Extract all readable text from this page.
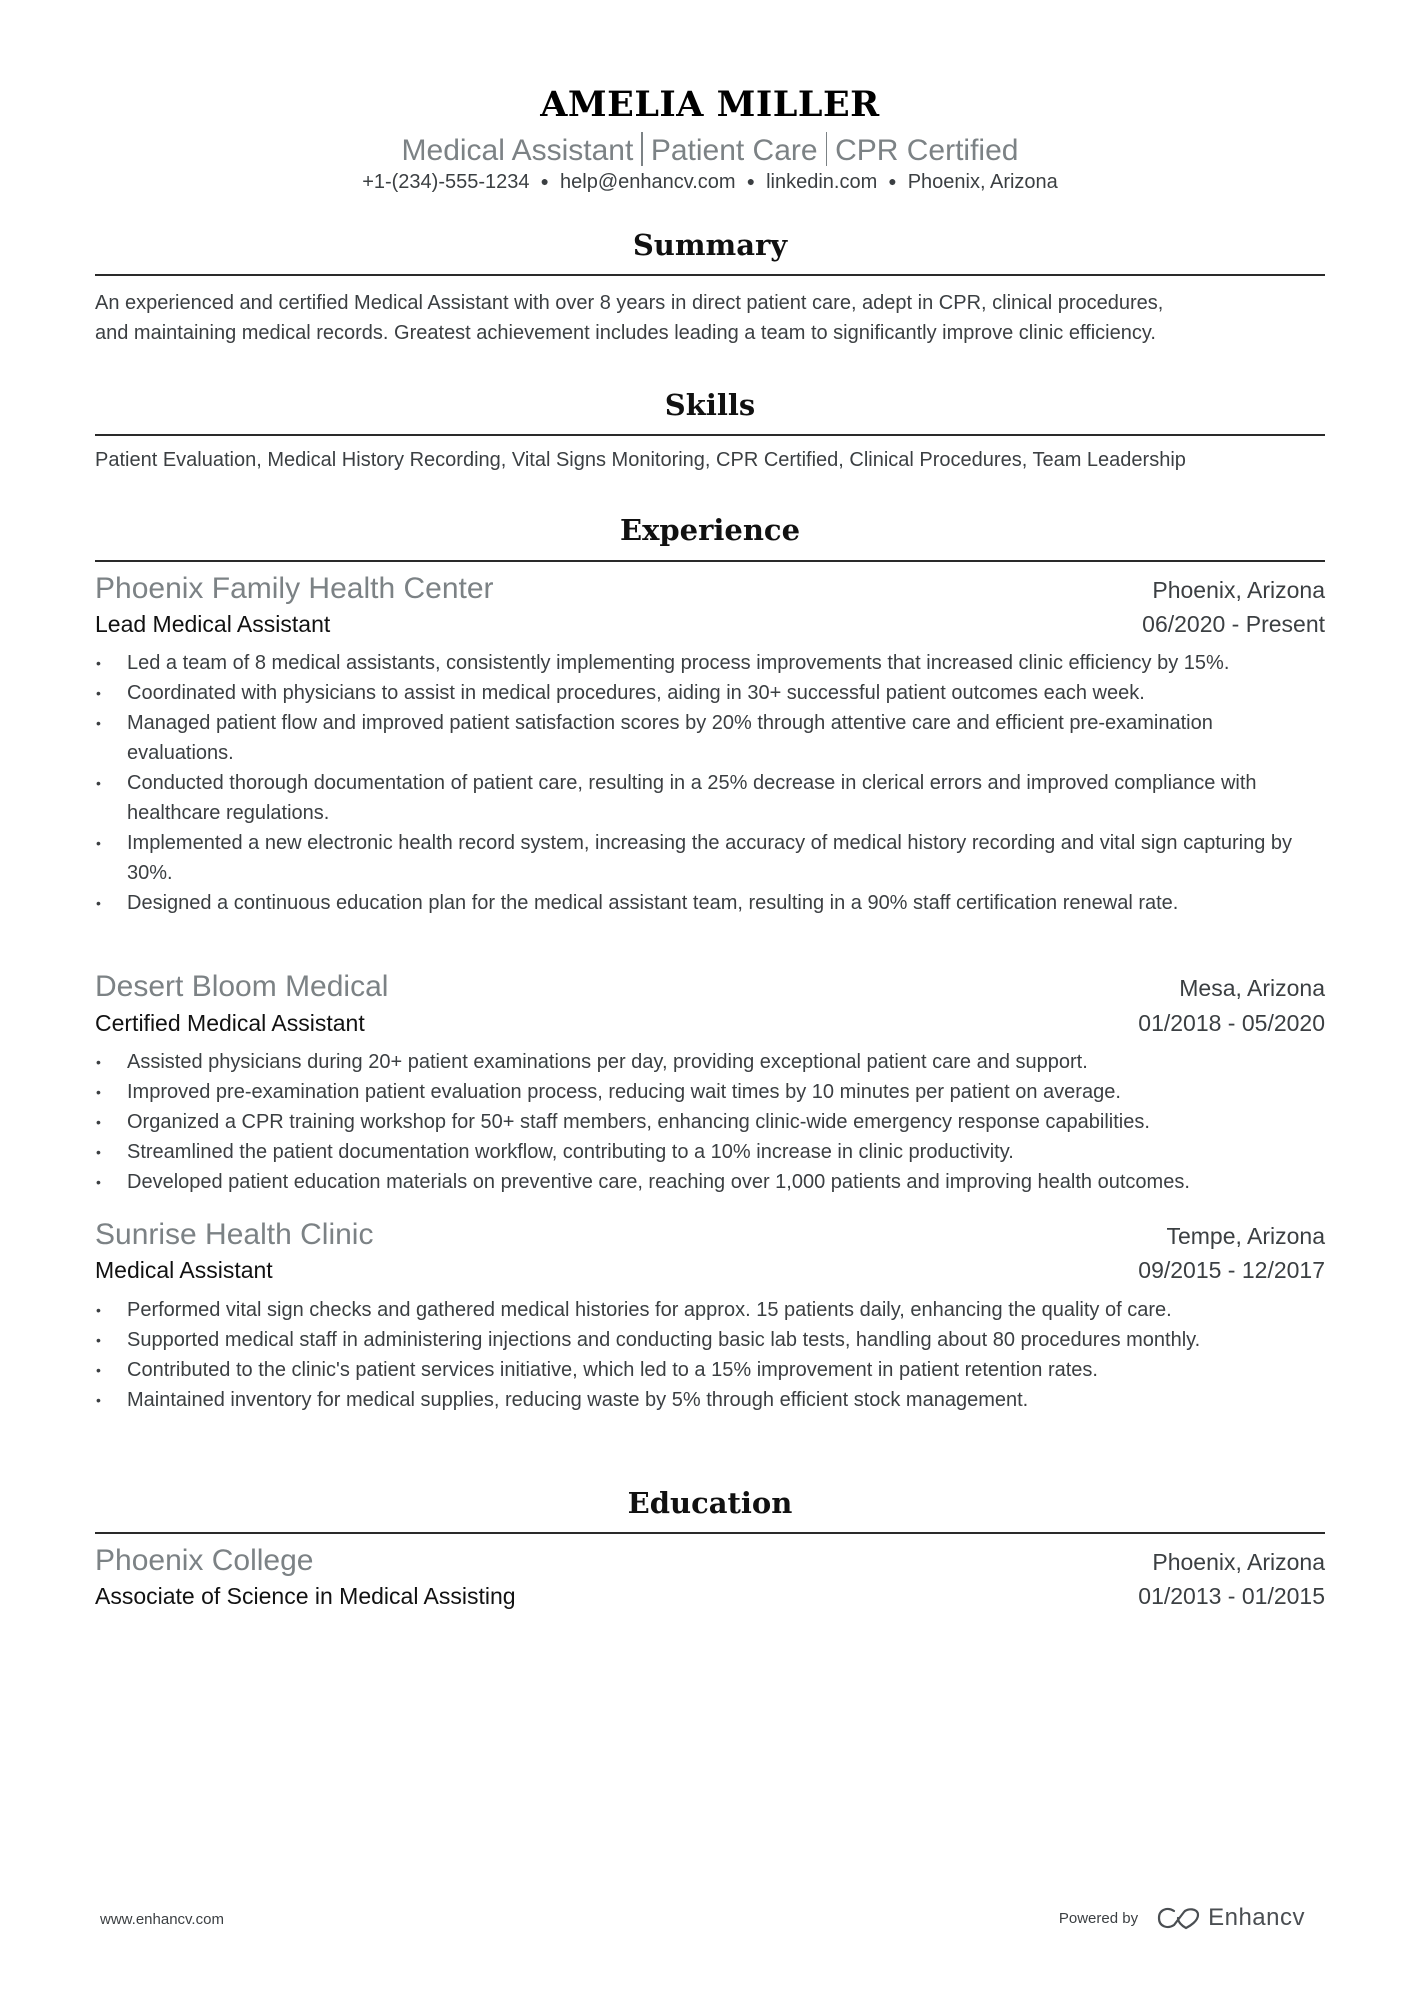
AMELIA MILLER
Medical Assistant Patient Care CPR Certified
+1-(234)-555-1234 ● help@enhancv.com ● linkedin.com ● Phoenix, Arizona
Summary
An experienced and certified Medical Assistant with over 8 years in direct patient care, adept in CPR, clinical procedures,
and maintaining medical records. Greatest achievement includes leading a team to significantly improve clinic efficiency.
Skills
Patient Evaluation, Medical History Recording, Vital Signs Monitoring, CPR Certified, Clinical Procedures, Team Leadership
Experience
Phoenix Family Health Center	Phoenix, Arizona
Lead Medical Assistant	06/2020 - Present
• Led a team of 8 medical assistants, consistently implementing process improvements that increased clinic efficiency by 15%.
• Coordinated with physicians to assist in medical procedures, aiding in 30+ successful patient outcomes each week.
• Managed patient flow and improved patient satisfaction scores by 20% through attentive care and efficient pre-examination evaluations.
• Conducted thorough documentation of patient care, resulting in a 25% decrease in clerical errors and improved compliance with healthcare regulations.
• Implemented a new electronic health record system, increasing the accuracy of medical history recording and vital sign capturing by 30%.
• Designed a continuous education plan for the medical assistant team, resulting in a 90% staff certification renewal rate.
Desert Bloom Medical	Mesa, Arizona
Certified Medical Assistant	01/2018 - 05/2020
• Assisted physicians during 20+ patient examinations per day, providing exceptional patient care and support.
• Improved pre-examination patient evaluation process, reducing wait times by 10 minutes per patient on average.
• Organized a CPR training workshop for 50+ staff members, enhancing clinic-wide emergency response capabilities.
• Streamlined the patient documentation workflow, contributing to a 10% increase in clinic productivity.
• Developed patient education materials on preventive care, reaching over 1,000 patients and improving health outcomes.
Sunrise Health Clinic	Tempe, Arizona
Medical Assistant	09/2015 - 12/2017
• Performed vital sign checks and gathered medical histories for approx. 15 patients daily, enhancing the quality of care.
• Supported medical staff in administering injections and conducting basic lab tests, handling about 80 procedures monthly.
• Contributed to the clinic's patient services initiative, which led to a 15% improvement in patient retention rates.
• Maintained inventory for medical supplies, reducing waste by 5% through efficient stock management.
Education
Phoenix College	Phoenix, Arizona
Associate of Science in Medical Assisting	01/2013 - 01/2015
www.enhancv.com	Powered by	Enhancv
